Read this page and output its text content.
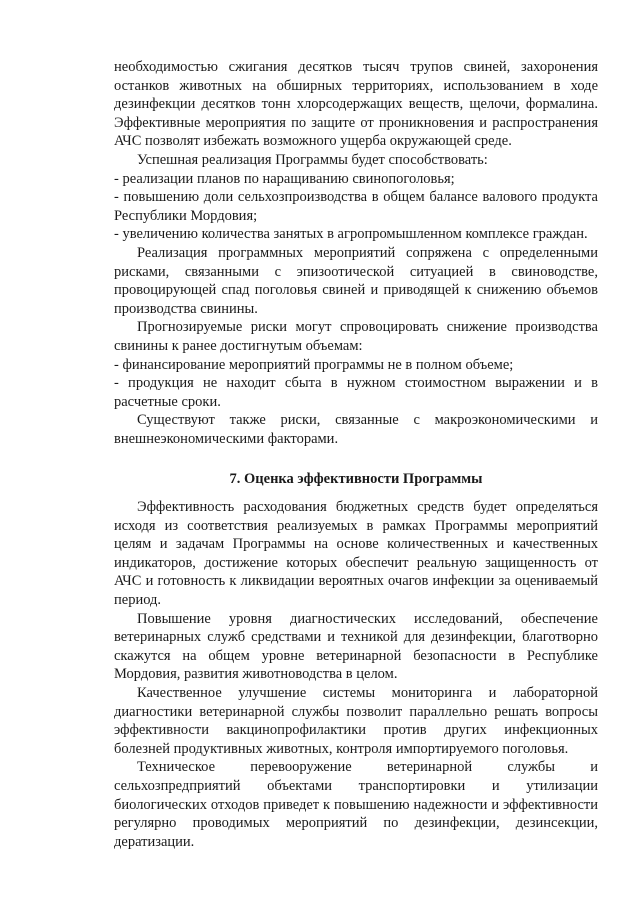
необходимостью сжигания десятков тысяч трупов свиней, захоронения останков животных на обширных территориях, использованием в ходе дезинфекции десятков тонн хлорсодержащих веществ, щелочи, формалина. Эффективные мероприятия по защите от проникновения и распространения АЧС позволят избежать возможного ущерба окружающей среде.

Успешная реализация Программы будет способствовать:

- реализации планов по наращиванию свинопоголовья;

- повышению доли сельхозпроизводства в общем балансе валового продукта Республики Мордовия;

- увеличению количества занятых в агропромышленном комплексе граждан.

Реализация программных мероприятий сопряжена с определенными рисками, связанными с эпизоотической ситуацией в свиноводстве, провоцирующей спад поголовья свиней и приводящей к снижению объемов производства свинины.

Прогнозируемые риски могут спровоцировать снижение производства свинины к ранее достигнутым объемам:

- финансирование мероприятий программы не в полном объеме;

- продукция не находит сбыта в нужном стоимостном выражении и в расчетные сроки.

Существуют также риски, связанные с макроэкономическими и внешнеэкономическими факторами.

7. Оценка эффективности Программы

Эффективность расходования бюджетных средств будет определяться исходя из соответствия реализуемых в рамках Программы мероприятий целям и задачам Программы на основе количественных и качественных индикаторов, достижение которых обеспечит реальную защищенность от АЧС и готовность к ликвидации вероятных очагов инфекции за оцениваемый период.

Повышение уровня диагностических исследований, обеспечение ветеринарных служб средствами и техникой для дезинфекции, благотворно скажутся на общем уровне ветеринарной безопасности в Республике Мордовия, развития животноводства в целом.

Качественное улучшение системы мониторинга и лабораторной диагностики ветеринарной службы позволит параллельно решать вопросы эффективности вакцинопрофилактики против других инфекционных болезней продуктивных животных, контроля импортируемого поголовья.

Техническое перевооружение ветеринарной службы и сельхозпредприятий объектами транспортировки и утилизации биологических отходов приведет к повышению надежности и эффективности регулярно проводимых мероприятий по дезинфекции, дезинсекции, дератизации.
